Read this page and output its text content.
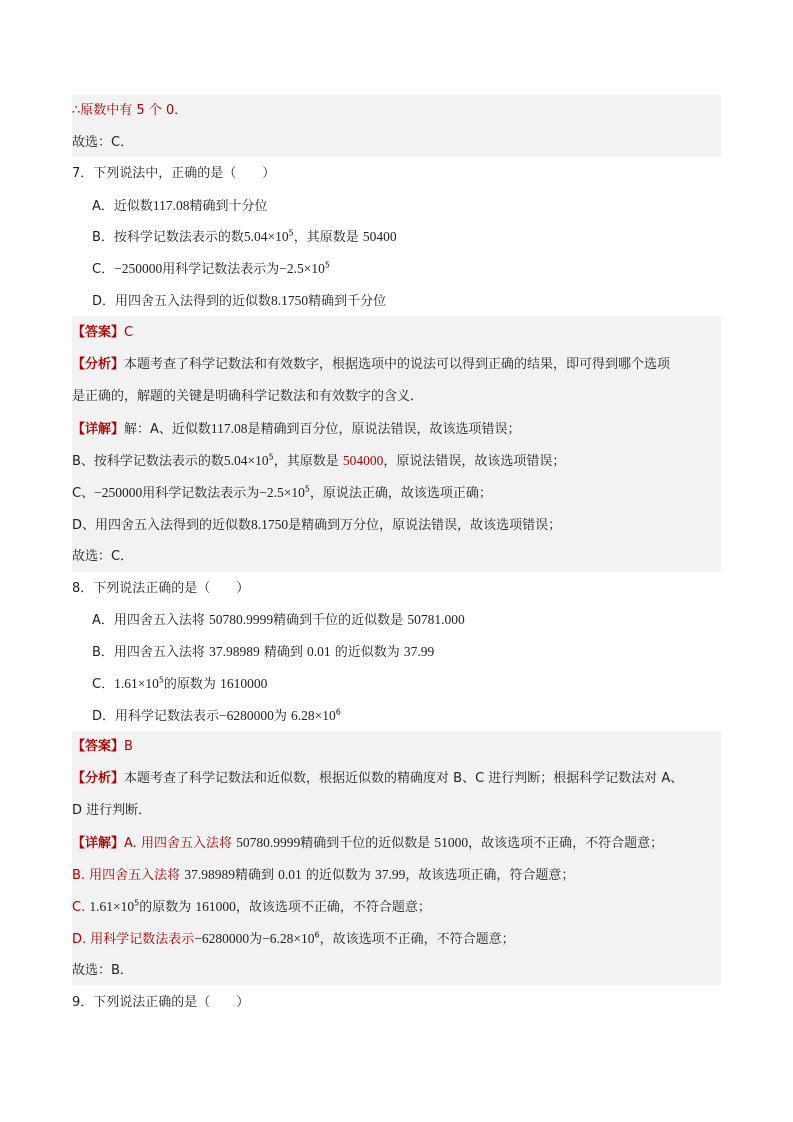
∴原数中有 5 个 0．
故选：C．
7．下列说法中，正确的是（　　）
A．近似数117.08精确到十分位
B．按科学记数法表示的数$5.04\times 10^5$，其原数是 50400
C．−250000用科学记数法表示为$-2.5\times 10^5$
D．用四舍五入法得到的近似数8.1750精确到千分位
【答案】C
【分析】本题考查了科学记数法和有效数字，根据选项中的说法可以得到正确的结果，即可得到哪个选项
是正确的，解题的关键是明确科学记数法和有效数字的含义．
【详解】解：A、近似数117.08是精确到百分位，原说法错误，故该选项错误；
B、按科学记数法表示的数$5.04\times 10^5$，其原数是 504000，原说法错误，故该选项错误；
C、−250000用科学记数法表示为$-2.5\times 10^5$，原说法正确，故该选项正确；
D、用四舍五入法得到的近似数8.1750是精确到万分位，原说法错误，故该选项错误；
故选：C．
8．下列说法正确的是（　　）
A．用四舍五入法将 50780.9999精确到千位的近似数是 50781.000
B．用四舍五入法将 37.98989 精确到 0.01 的近似数为 37.99
C．$1.61\times 10^5$的原数为 1610000
D．用科学记数法表示−6280000为 $6.28\times 10^6$
【答案】B
【分析】本题考查了科学记数法和近似数，根据近似数的精确度对 B、C 进行判断；根据科学记数法对 A、
D 进行判断．
【详解】A. 用四舍五入法将 50780.9999精确到千位的近似数是 51000，故该选项不正确，不符合题意；
B. 用四舍五入法将 37.98989精确到 0.01 的近似数为 37.99，故该选项正确，符合题意；
C. $1.61\times 10^5$的原数为 161000，故该选项不正确，不符合题意；
D. 用科学记数法表示−6280000为$-6.28\times 10^6$，故该选项不正确，不符合题意；
故选：B．
9．下列说法正确的是（　　）
